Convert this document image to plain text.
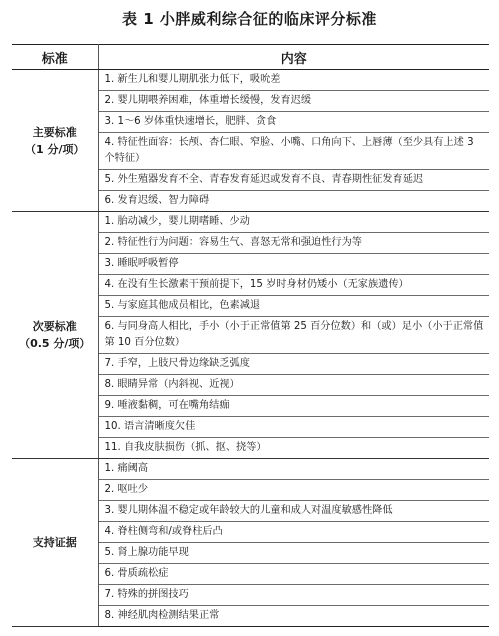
表 1 小胖威利综合征的临床评分标准
标准	内容

主要标准
（1 分/项）	1. 新生儿和婴儿期肌张力低下，吸吮差
	2. 婴儿期喂养困难，体重增长缓慢，发育迟缓
	3. 1～6 岁体重快速增长，肥胖、贪食
	4. 特征性面容：长颅、杏仁眼、窄脸、小嘴、口角向下、上唇薄（至少具有上述 3 个特征）
	5. 外生殖器发育不全、青春发育延迟或发育不良、青春期性征发育延迟
	6. 发育迟缓、智力障碍

次要标准
（0.5 分/项）	1. 胎动减少，婴儿期嗜睡、少动
	2. 特征性行为问题：容易生气、喜怒无常和强迫性行为等
	3. 睡眠呼吸暂停
	4. 在没有生长激素干预前提下，15 岁时身材仍矮小（无家族遗传）
	5. 与家庭其他成员相比，色素减退
	6. 与同身高人相比，手小（小于正常值第 25 百分位数）和（或）足小（小于正常值第 10 百分位数）
	7. 手窄，上肢尺骨边缘缺乏弧度
	8. 眼睛异常（内斜视、近视）
	9. 唾液黏稠，可在嘴角结痂
	10. 语言清晰度欠佳
	11. 自我皮肤损伤（抓、抠、挠等）

支持证据	1. 痛阈高
	2. 呕吐少
	3. 婴儿期体温不稳定或年龄较大的儿童和成人对温度敏感性降低
	4. 脊柱侧弯和/或脊柱后凸
	5. 肾上腺功能早现
	6. 骨质疏松症
	7. 特殊的拼图技巧
	8. 神经肌肉检测结果正常
